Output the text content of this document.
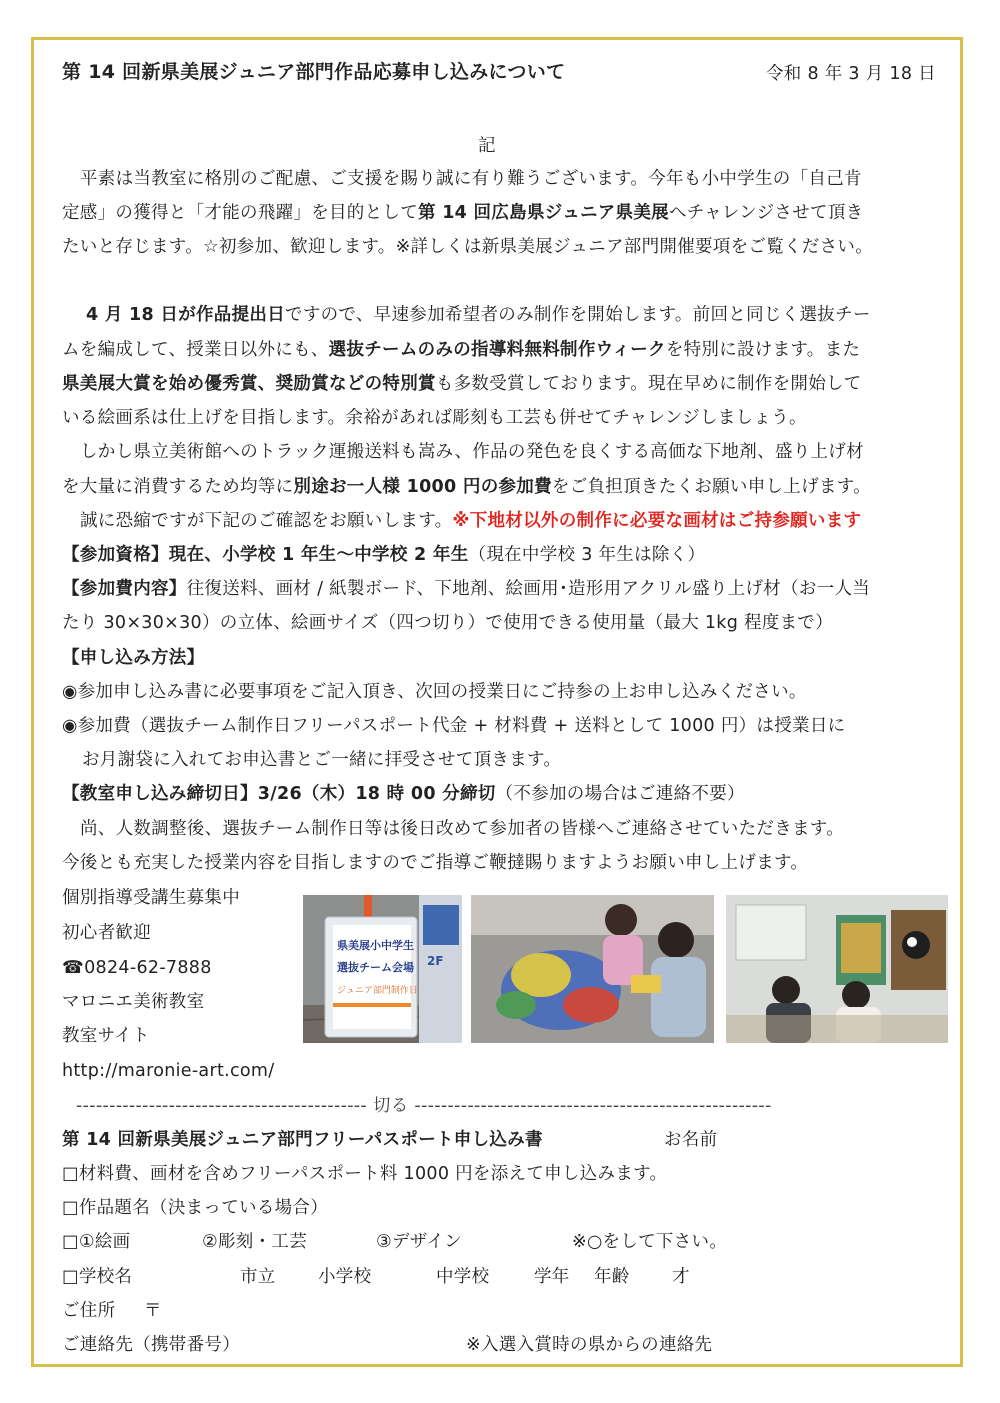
第 14 回新県美展ジュニア部門作品応募申し込みについて	令和 8 年 3 月 18 日
記
平素は当教室に格別のご配慮、ご支援を賜り誠に有り難うございます。今年も小中学生の「自己肯
定感」の獲得と「才能の飛躍」を目的として第 14 回広島県ジュニア県美展へチャレンジさせて頂き
たいと存じます。☆初参加、歓迎します。※詳しくは新県美展ジュニア部門開催要項をご覧ください。
4 月 18 日が作品提出日ですので、早速参加希望者のみ制作を開始します。前回と同じく選抜チー
ムを編成して、授業日以外にも、選抜チームのみの指導料無料制作ウィークを特別に設けます。また
県美展大賞を始め優秀賞、奨励賞などの特別賞も多数受賞しております。現在早めに制作を開始して
いる絵画系は仕上げを目指します。余裕があれば彫刻も工芸も併せてチャレンジしましょう。
しかし県立美術館へのトラック運搬送料も嵩み、作品の発色を良くする高価な下地剤、盛り上げ材
を大量に消費するため均等に別途お一人様 1000 円の参加費をご負担頂きたくお願い申し上げます。
誠に恐縮ですが下記のご確認をお願いします。※下地材以外の制作に必要な画材はご持参願います
【参加資格】現在、小学校 1 年生〜中学校 2 年生（現在中学校 3 年生は除く）
【参加費内容】往復送料、画材 / 紙製ボード、下地剤、絵画用･造形用アクリル盛り上げ材（お一人当
たり 30×30×30）の立体、絵画サイズ（四つ切り）で使用できる使用量（最大 1kg 程度まで）
【申し込み方法】
◉参加申し込み書に必要事項をご記入頂き、次回の授業日にご持参の上お申し込みください。
◉参加費（選抜チーム制作日フリーパスポート代金 + 材料費 + 送料として 1000 円）は授業日に
お月謝袋に入れてお申込書とご一緒に拝受させて頂きます。
【教室申し込み締切日】3/26（木）18 時 00 分締切（不参加の場合はご連絡不要）
尚、人数調整後、選抜チーム制作日等は後日改めて参加者の皆様へご連絡させていただきます。
今後とも充実した授業内容を目指しますのでご指導ご鞭撻賜りますようお願い申し上げます。
個別指導受講生募集中
初心者歓迎
☎0824-62-7888
マロニエ美術教室
教室サイト
http://maronie-art.com/
2F
県美展小中学生
選抜チーム会場
ジュニア部門制作日
-------------------------------------------- 切る ------------------------------------------------------
第 14 回新県美展ジュニア部門フリーパスポート申し込み書	お名前
□材料費、画材を含めフリーパスポート料 1000 円を添えて申し込みます。
□作品題名（決まっている場合）
□①絵画	②彫刻・工芸	③デザイン	※○をして下さい。
□学校名	市立 小学校	中学校	学年 年齢 才
ご住所 〒
ご連絡先（携帯番号）	※入選入賞時の県からの連絡先
